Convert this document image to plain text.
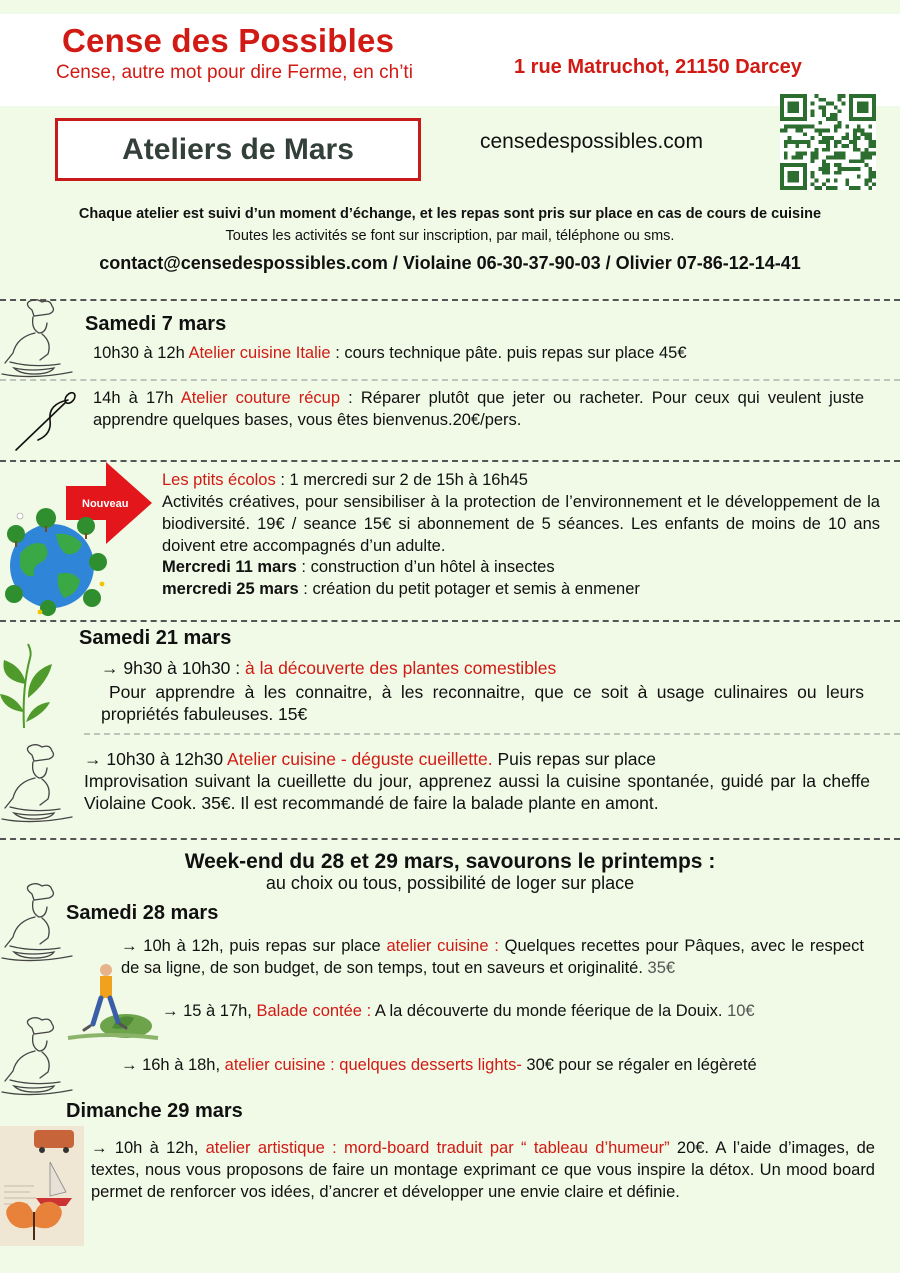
Cense des Possibles
Cense, autre mot pour dire Ferme, en ch’ti	1 rue Matruchot, 21150 Darcey
Ateliers de Mars	censedespossibles.com
Chaque atelier est suivi d’un moment d’échange, et les repas sont pris sur place en cas de cours de cuisine
Toutes les activités se font sur inscription, par mail, téléphone ou sms.
contact@censedespossibles.com / Violaine 06-30-37-90-03 / Olivier 07-86-12-14-41
Samedi 7 mars
10h30 à 12h Atelier cuisine Italie : cours technique pâte. puis repas sur place 45€
14h à 17h Atelier couture récup : Réparer plutôt que jeter ou racheter. Pour ceux qui veulent juste apprendre quelques bases, vous êtes bienvenus.20€/pers.
Nouveau
Les ptits écolos : 1 mercredi sur 2 de 15h à 16h45
Activités créatives, pour sensibiliser à la protection de l’environnement et le développement de la biodiversité. 19€ / seance 15€ si abonnement de 5 séances. Les enfants de moins de 10 ans doivent etre accompagnés d’un adulte.
Mercredi 11 mars : construction d’un hôtel à insectes
mercredi 25 mars : création du petit potager et semis à enmener
Samedi 21 mars
→ 9h30 à 10h30 : à la découverte des plantes comestibles
Pour apprendre à les connaitre, à les reconnaitre, que ce soit à usage culinaires ou leurs propriétés fabuleuses. 15€
→ 10h30 à 12h30 Atelier cuisine - déguste cueillette. Puis repas sur place
Improvisation suivant la cueillette du jour, apprenez aussi la cuisine spontanée, guidé par la cheffe Violaine Cook. 35€. Il est recommandé de faire la balade plante en amont.
Week-end du 28 et 29 mars, savourons le printemps :
au choix ou tous, possibilité de loger sur place
Samedi 28 mars
→ 10h à 12h, puis repas sur place atelier cuisine : Quelques recettes pour Pâques, avec le respect de sa ligne, de son budget, de son temps, tout en saveurs et originalité. 35€
→ 15 à 17h, Balade contée : A la découverte du monde féerique de la Douix. 10€
→ 16h à 18h, atelier cuisine : quelques desserts lights- 30€ pour se régaler en légèreté
Dimanche 29 mars
→ 10h à 12h, atelier artistique : mord-board traduit par “ tableau d’humeur” 20€. A l’aide d’images, de textes, nous vous proposons de faire un montage exprimant ce que vous inspire la détox. Un mood board permet de renforcer vos idées, d’ancrer et développer une envie claire et définie.
